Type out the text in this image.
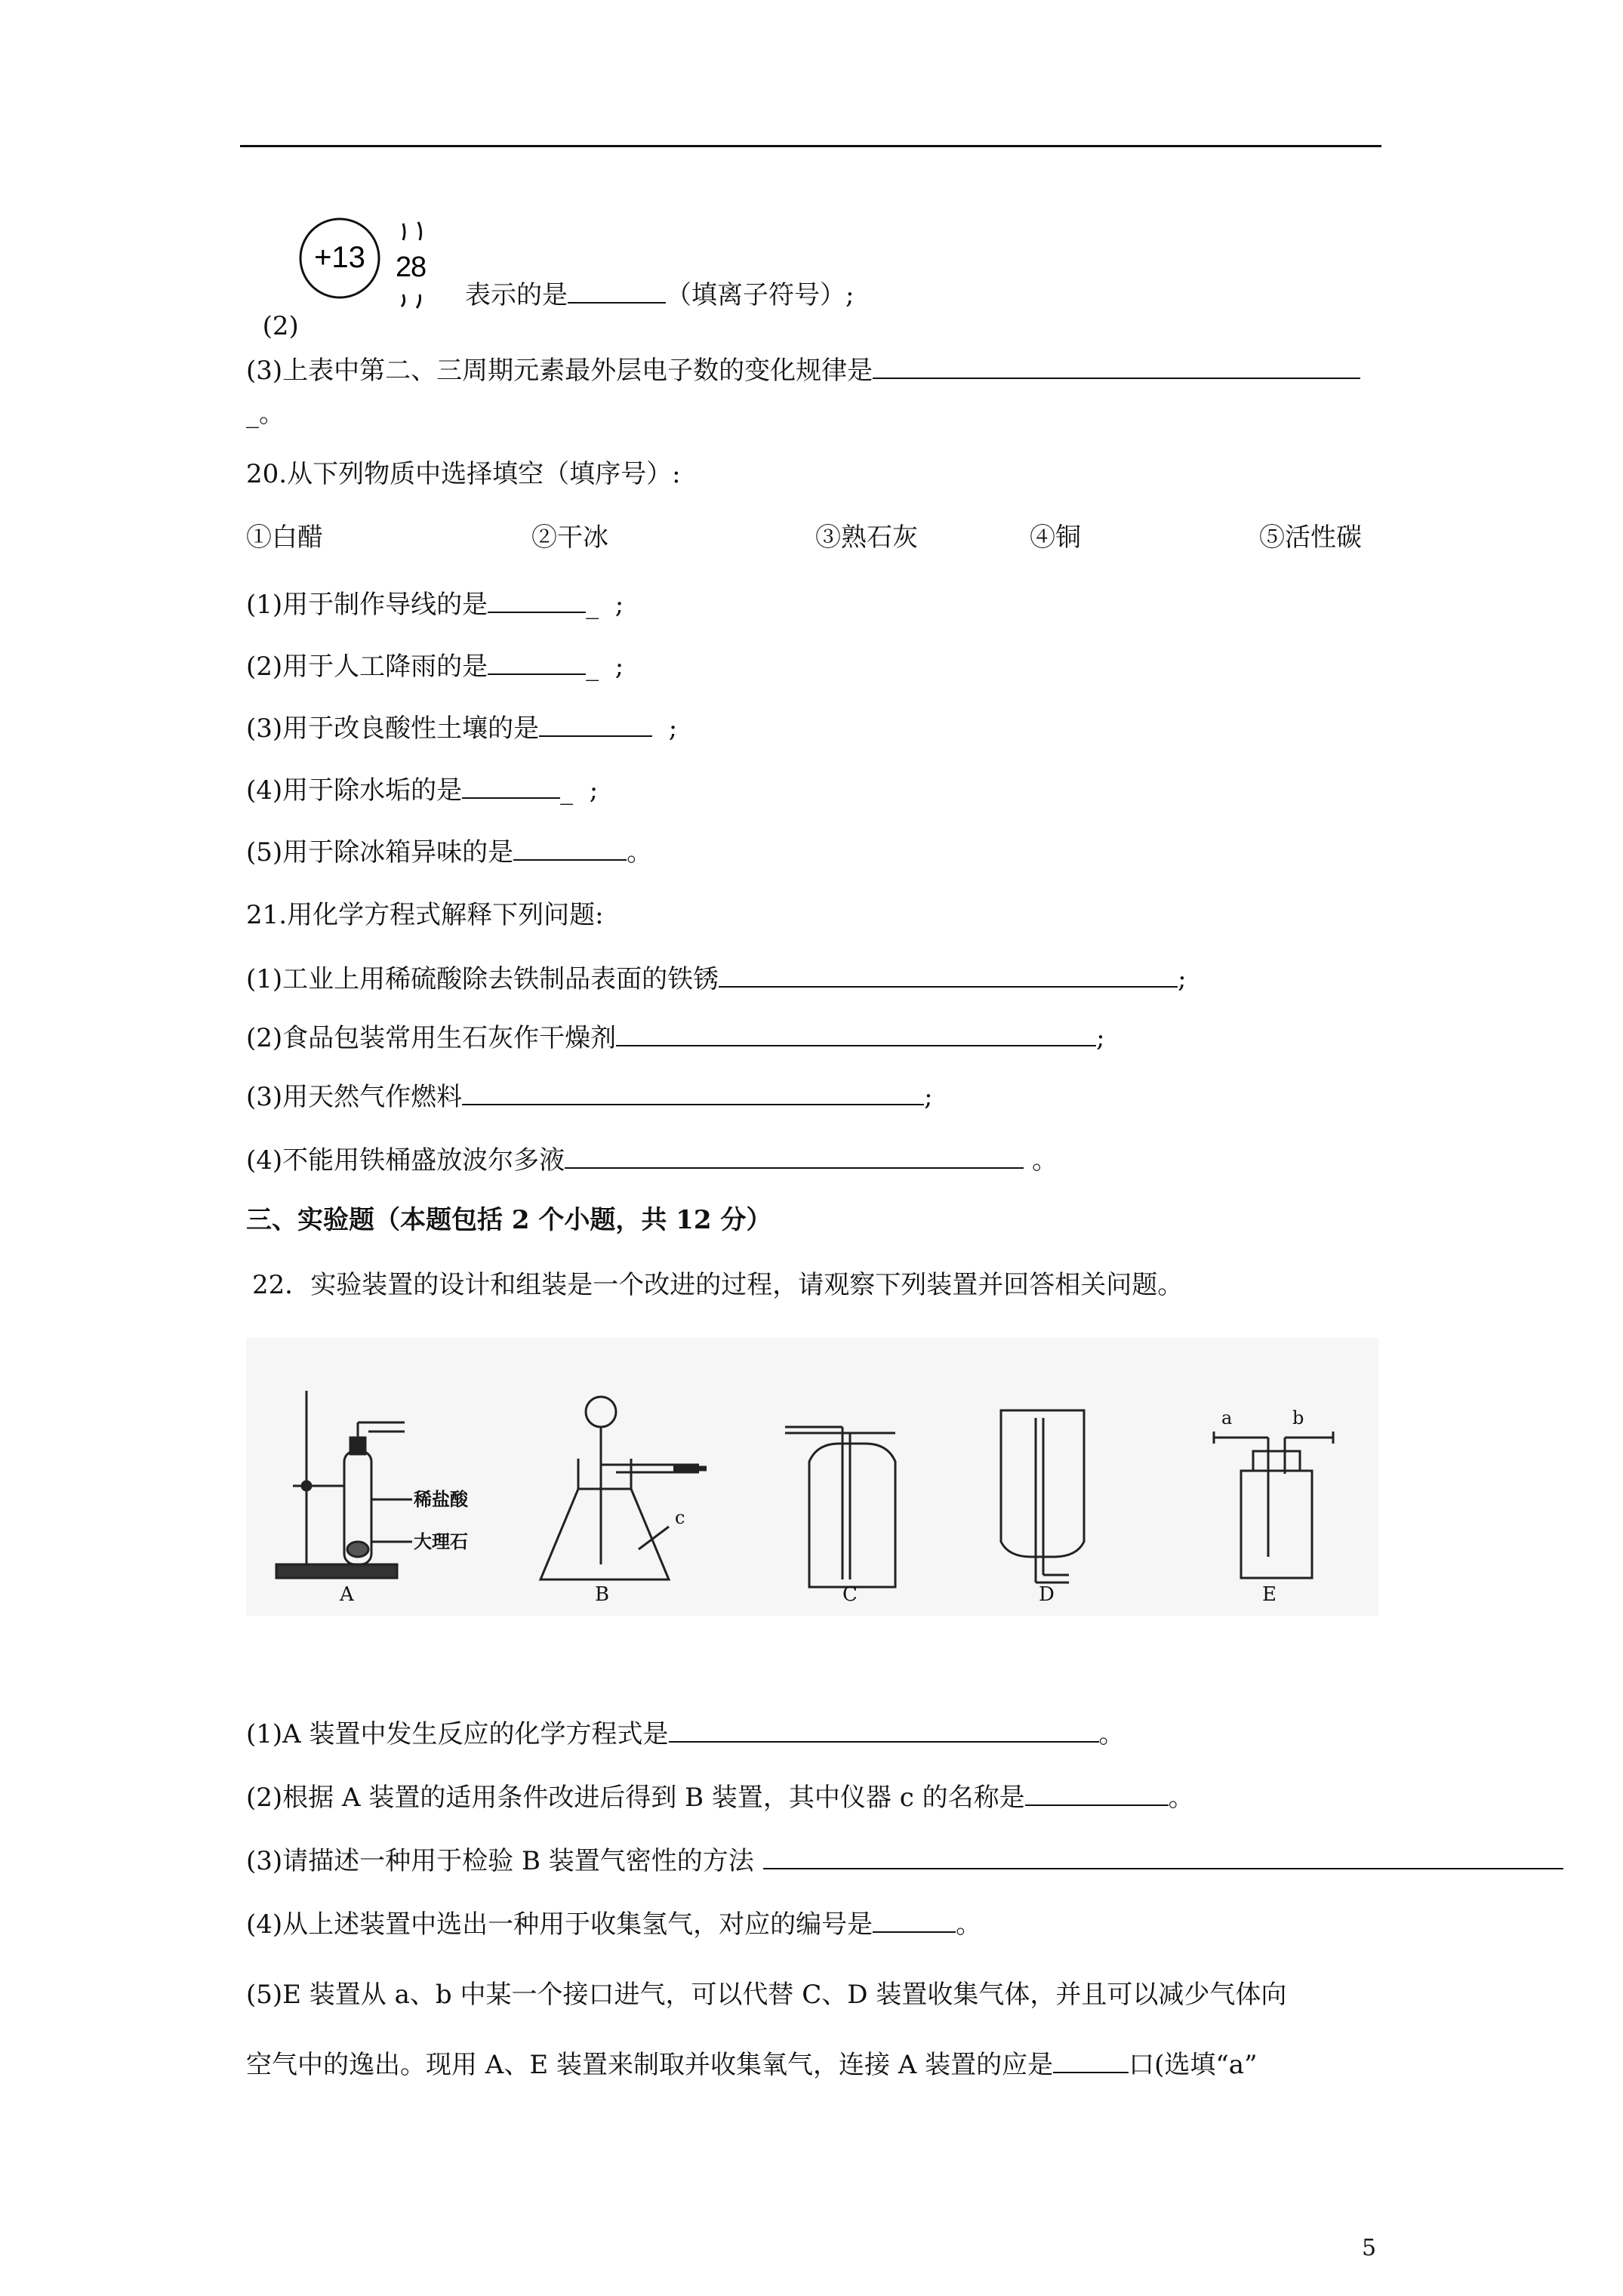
(2)

+13 2
8
表示的是	（填离子符号）;
(3)上表中第二、三周期元素最外层电子数的变化规律是
_。
20.从下列物质中选择填空（填序号）:
①白醋	②干冰	③熟石灰	④铜	⑤活性碳
(1)用于制作导线的是	_  ;
(2)用于人工降雨的是	_  ;
(3)用于改良酸性土壤的是	;
(4)用于除水垢的是	_  ;
(5)用于除冰箱异味的是	。
21.用化学方程式解释下列问题:
(1)工业上用稀硫酸除去铁制品表面的铁锈	;
(2)食品包装常用生石灰作干燥剂	;
(3)用天然气作燃料	;
(4)不能用铁桶盛放波尔多液	。
三、实验题（本题包括 2 个小题，共 12 分）
22．实验装置的设计和组装是一个改进的过程，请观察下列装置并回答相关问题。
A	B	C	D	E
稀盐酸
大理石
c
a	b
(1)A 装置中发生反应的化学方程式是	。
(2)根据 A 装置的适用条件改进后得到 B 装置，其中仪器 c 的名称是	。
(3)请描述一种用于检验 B 装置气密性的方法
(4)从上述装置中选出一种用于收集氢气，对应的编号是	。
(5)E 装置从 a、b 中某一个接口进气，可以代替 C、D 装置收集气体，并且可以减少气体向
空气中的逸出。现用 A、E 装置来制取并收集氧气，连接 A 装置的应是	口(选填“a”
5
